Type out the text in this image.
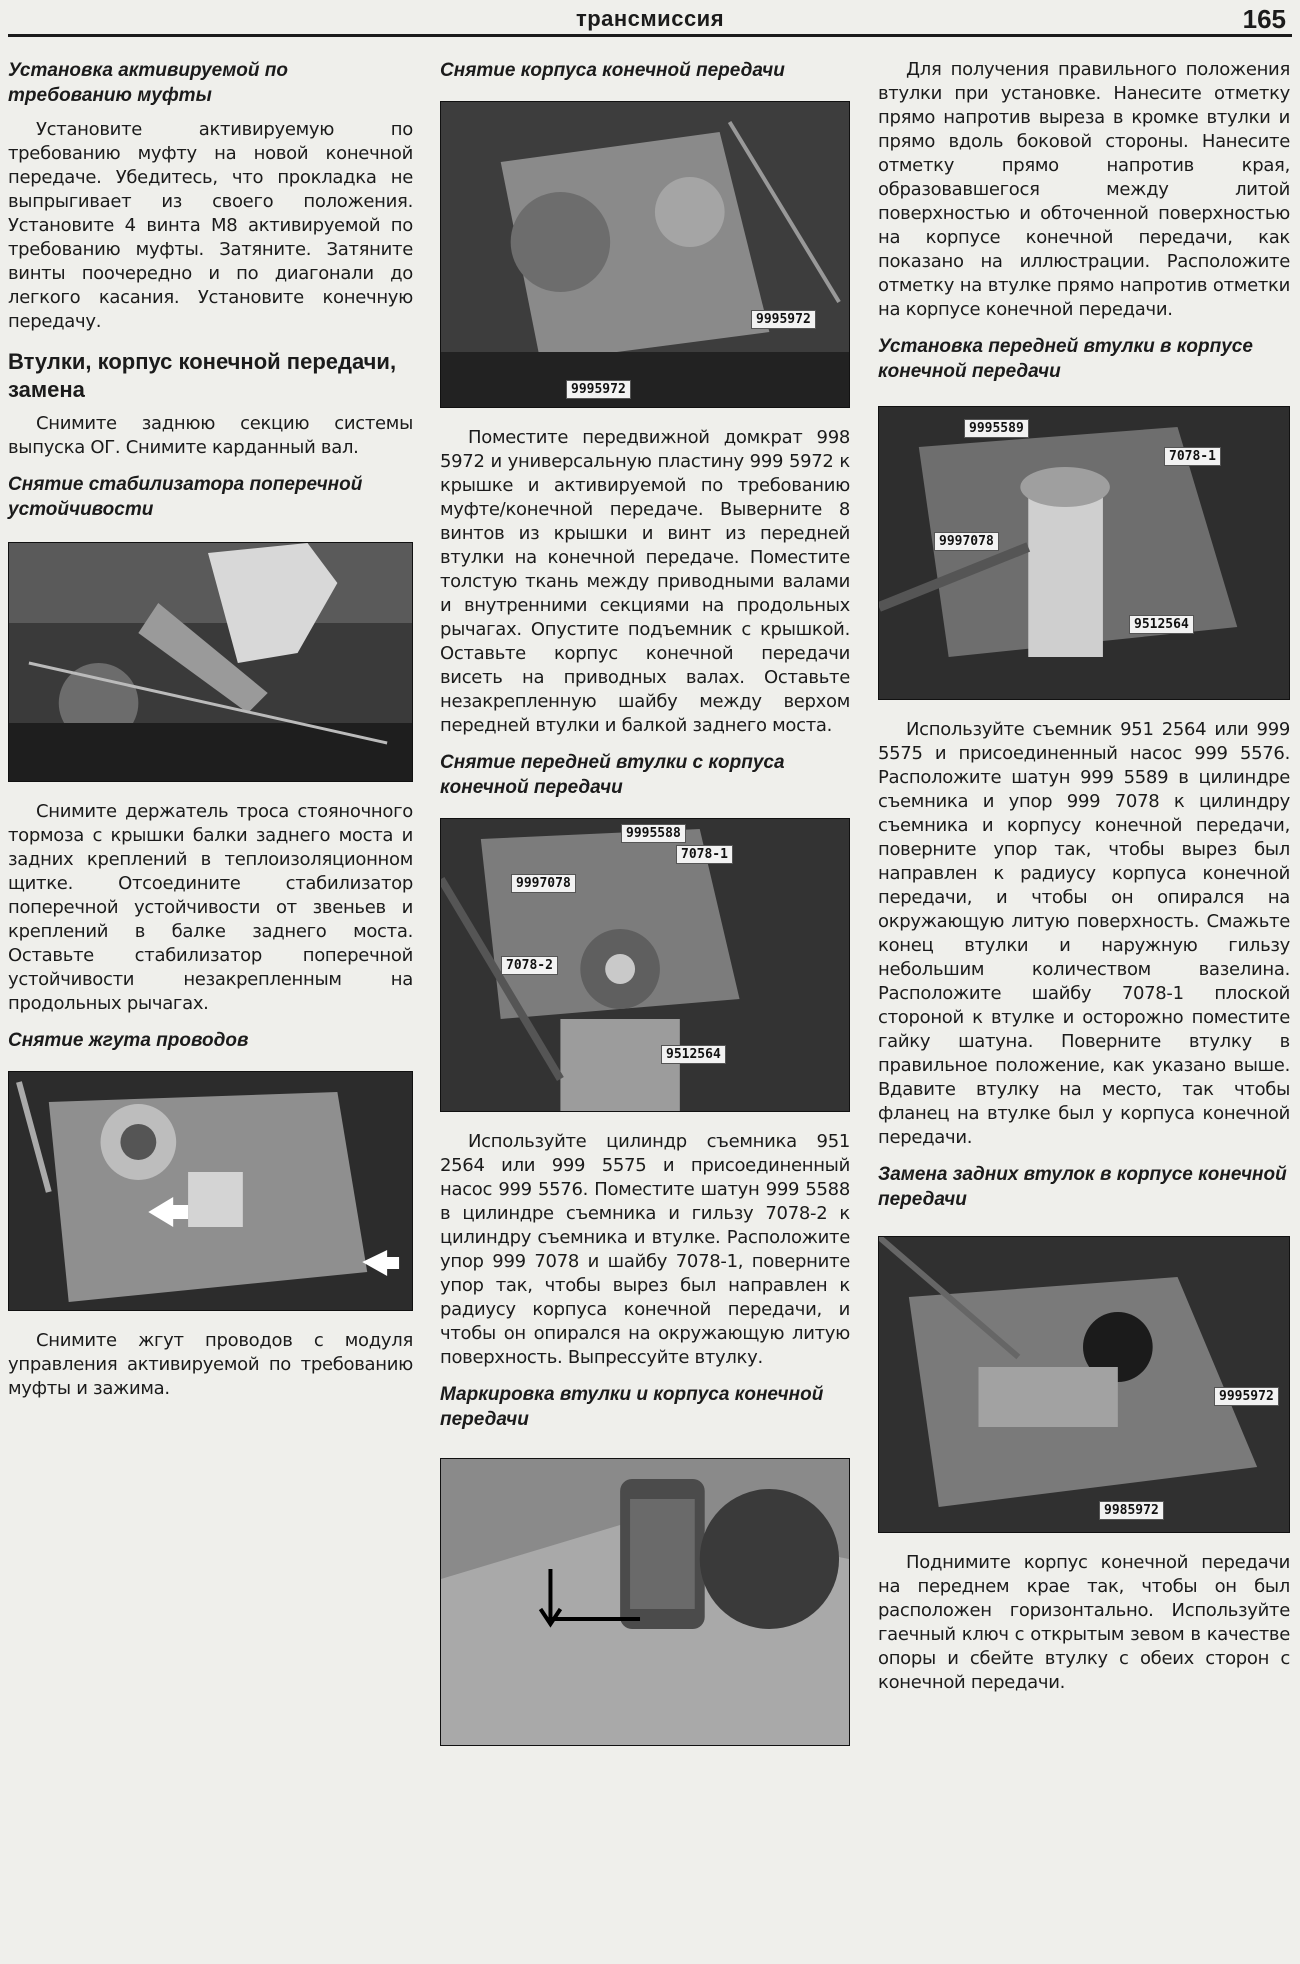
трансмиссия	165
Установка активируемой по требованию муфты
Установите активируемую по требованию муфту на новой конечной передаче. Убедитесь, что прокладка не выпрыгивает из своего положения. Установите 4 винта М8 активируемой по требованию муфты. Затяните. Затяните винты поочередно и по диагонали до легкого касания. Установите конечную передачу.
Втулки, корпус конечной передачи, замена
Снимите заднюю секцию системы выпуска ОГ. Снимите карданный вал.
Снятие стабилизатора поперечной устойчивости
Снимите держатель троса стояночного тормоза с крышки балки заднего моста и задних креплений в теплоизоляционном щитке. Отсоедините стабилизатор поперечной устойчивости от звеньев и креплений в балке заднего моста. Оставьте стабилизатор поперечной устойчивости незакрепленным на продольных рычагах.
Снятие жгута проводов
Снимите жгут проводов с модуля управления активируемой по требованию муфты и зажима.
Снятие корпуса конечной передачи
9995972
9995972
Поместите передвижной домкрат 998 5972 и универсальную пластину 999 5972 к крышке и активируемой по требованию муфте/конечной передаче. Выверните 8 винтов из крышки и винт из передней втулки на конечной передаче. Поместите толстую ткань между приводными валами и внутренними секциями на продольных рычагах. Опустите подъемник с крышкой. Оставьте корпус конечной передачи висеть на приводных валах. Оставьте незакрепленную шайбу между верхом передней втулки и балкой заднего моста.
Снятие передней втулки с корпуса конечной передачи
9995588
7078-1
9997078
7078-2
9512564
Используйте цилиндр съемника 951 2564 или 999 5575 и присоединенный насос 999 5576. Поместите шатун 999 5588 в цилиндре съемника и гильзу 7078-2 к цилиндру съемника и втулке. Расположите упор 999 7078 и шайбу 7078-1, поверните упор так, чтобы вырез был направлен к радиусу корпуса конечной передачи, и чтобы он опирался на окружающую литую поверхность. Выпрессуйте втулку.
Маркировка втулки и корпуса конечной передачи
Для получения правильного положения втулки при установке. Нанесите отметку прямо напротив выреза в кромке втулки и прямо вдоль боковой стороны. Нанесите отметку прямо напротив края, образовавшегося между литой поверхностью и обточенной поверхностью на корпусе конечной передачи, как показано на иллюстрации. Расположите отметку на втулке прямо напротив отметки на корпусе конечной передачи.
Установка передней втулки в корпусе конечной передачи
9995589
7078-1
9997078
9512564
Используйте съемник 951 2564 или 999 5575 и присоединенный насос 999 5576. Расположите шатун 999 5589 в цилиндре съемника и упор 999 7078 к цилиндру съемника и корпусу конечной передачи, поверните упор так, чтобы вырез был направлен к радиусу корпуса конечной передачи, и чтобы он опирался на окружающую литую поверхность. Смажьте конец втулки и наружную гильзу небольшим количеством вазелина. Расположите шайбу 7078-1 плоской стороной к втулке и осторожно поместите гайку шатуна. Поверните втулку в правильное положение, как указано выше. Вдавите втулку на место, так чтобы фланец на втулке был у корпуса конечной передачи.
Замена задних втулок в корпусе конечной передачи
9995972
9985972
Поднимите корпус конечной передачи на переднем крае так, чтобы он был расположен горизонтально. Используйте гаечный ключ с открытым зевом в качестве опоры и сбейте втулку с обеих сторон с конечной передачи.
